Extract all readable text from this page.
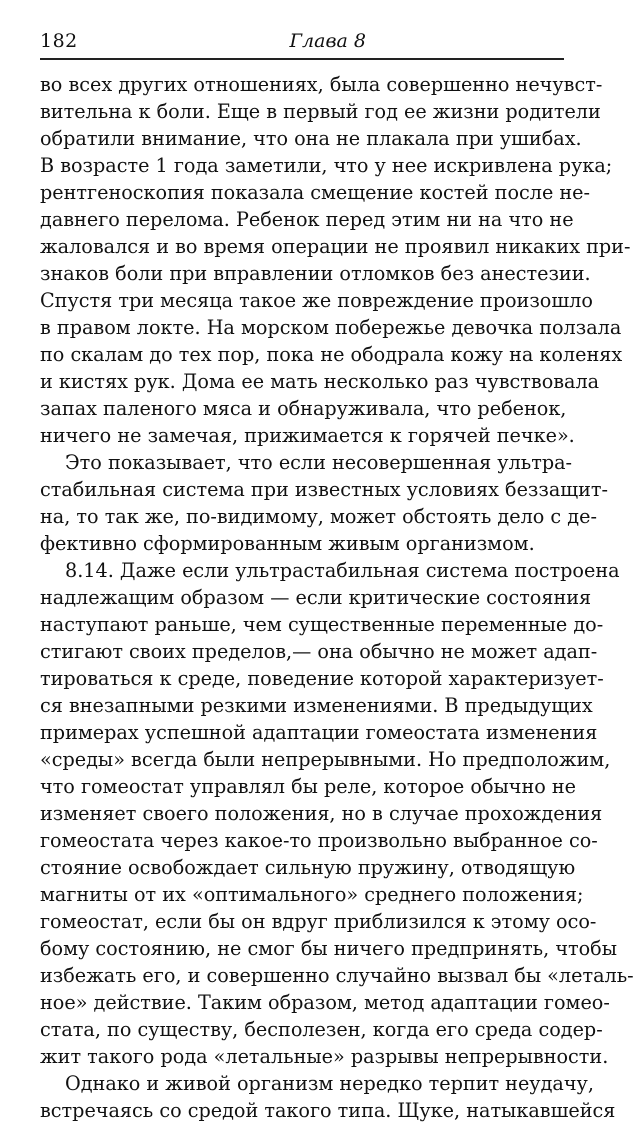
182	Глава 8
во всех других отношениях, была совершенно нечувст-
вительна к боли. Еще в первый год ее жизни родители
обратили внимание, что она не плакала при ушибах.
В возрасте 1 года заметили, что у нее искривлена рука;
рентгеноскопия показала смещение костей после не-
давнего перелома. Ребенок перед этим ни на что не
жаловался и во время операции не проявил никаких при-
знаков боли при вправлении отломков без анестезии.
Спустя три месяца такое же повреждение произошло
в правом локте. На морском побережье девочка ползала
по скалам до тех пор, пока не ободрала кожу на коленях
и кистях рук. Дома ее мать несколько раз чувствовала
запах паленого мяса и обнаруживала, что ребенок,
ничего не замечая, прижимается к горячей печке».
Это показывает, что если несовершенная ультра-
стабильная система при известных условиях беззащит-
на, то так же, по-видимому, может обстоять дело с де-
фективно сформированным живым организмом.
8.14. Даже если ультрастабильная система построена
надлежащим образом — если критические состояния
наступают раньше, чем существенные переменные до-
стигают своих пределов,— она обычно не может адап-
тироваться к среде, поведение которой характеризует-
ся внезапными резкими изменениями. В предыдущих
примерах успешной адаптации гомеостата изменения
«среды» всегда были непрерывными. Но предположим,
что гомеостат управлял бы реле, которое обычно не
изменяет своего положения, но в случае прохождения
гомеостата через какое-то произвольно выбранное со-
стояние освобождает сильную пружину, отводящую
магниты от их «оптимального» среднего положения;
гомеостат, если бы он вдруг приблизился к этому осо-
бому состоянию, не смог бы ничего предпринять, чтобы
избежать его, и совершенно случайно вызвал бы «леталь-
ное» действие. Таким образом, метод адаптации гомео-
стата, по существу, бесполезен, когда его среда содер-
жит такого рода «летальные» разрывы непрерывности.
Однако и живой организм нередко терпит неудачу,
встречаясь со средой такого типа. Щуке, натыкавшейся
